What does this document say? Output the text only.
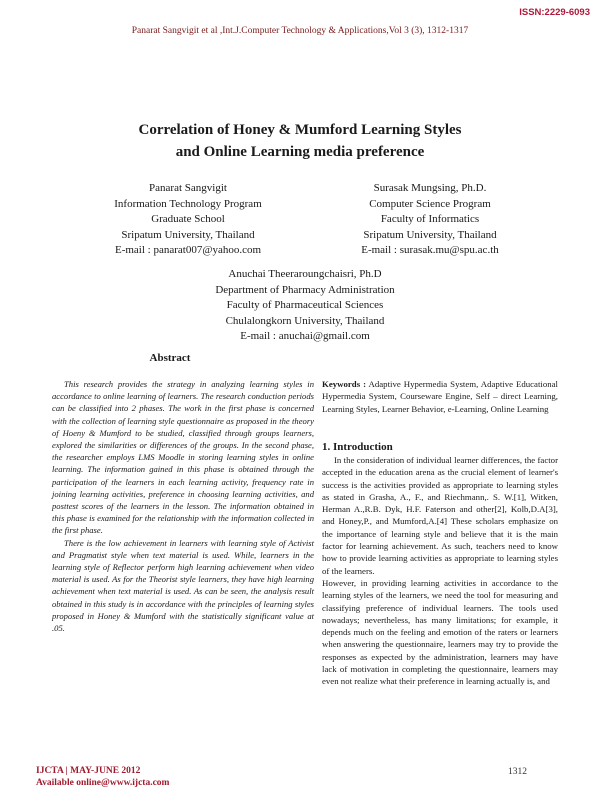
ISSN:2229-6093
Panarat Sangvigit et al ,Int.J.Computer Technology & Applications,Vol 3 (3), 1312-1317
Correlation of Honey & Mumford Learning Styles
and Online Learning media preference
Panarat Sangvigit
Information Technology Program
Graduate School
Sripatum University, Thailand
E-mail : panarat007@yahoo.com
Surasak Mungsing, Ph.D.
Computer Science Program
Faculty of Informatics
Sripatum University, Thailand
E-mail : surasak.mu@spu.ac.th
Anuchai Theeraroungchaisri, Ph.D
Department of Pharmacy Administration
Faculty of Pharmaceutical Sciences
Chulalongkorn University, Thailand
E-mail : anuchai@gmail.com
Abstract

This research provides the strategy in analyzing learning styles in accordance to online learning of learners. The research conduction periods can be classified into 2 phases. The work in the first phase is concerned with the collection of learning style questionnaire as proposed in the theory of Hoeny & Mumford to be studied, classified through groups learners, explored the similarities or differences of the groups. In the second phase, the researcher employs LMS Moodle in storing learning styles in online learning. The information gained in this phase is obtained through the participation of the learners in each learning activity, frequency rate in joining learning activities, preference in choosing learning activities, and posttest scores of the learners in the lesson. The information obtained in this phase is examined for the relationship with the information collected in the first phase.

There is the low achievement in learners with learning style of Activist and Pragmatist style when text material is used. While, learners in the learning style of Reflector perform high learning achievement when video material is used. As for the Theorist style learners, they have high learning achievement when text material is used. As can be seen, the analysis result obtained in this study is in accordance with the principles of learning styles proposed in Honey & Mumford with the statistically significant value at .05.

Keywords : Adaptive Hypermedia System, Adaptive Educational Hypermedia System, Courseware Engine, Self – direct Learning, Learning Styles, Learner Behavior, e-Learning, Online Learning
1. Introduction

In the consideration of individual learner differences, the factor accepted in the education arena as the crucial element of learner's success is the activities provided as appropriate to learning styles as stated in Grasha, A., F., and Riechmann,. S. W.[1], Witken, Herman A.,R.B. Dyk, H.F. Faterson and other[2], Kolb,D.A[3], and Honey,P., and Mumford,A.[4] These scholars emphasize on the importance of learning style and believe that it is the main factor for learning achievement. As such, teachers need to know how to provide learning activities as appropriate to learning styles of the learners.

However, in providing learning activities in accordance to the learning styles of the learners, we need the tool for measuring and classifying preference of individual learners. The tools used nowadays; nevertheless, has many limitations; for example, it depends much on the feeling and emotion of the raters or learners when answering the questionnaire, learners may try to provide the responses as expected by the administration, learners may have lack of motivation in completing the questionnaire, learners may even not realize what their preference in learning actually is, and

IJCTA | MAY-JUNE 2012
Available online@www.ijcta.com
1312
